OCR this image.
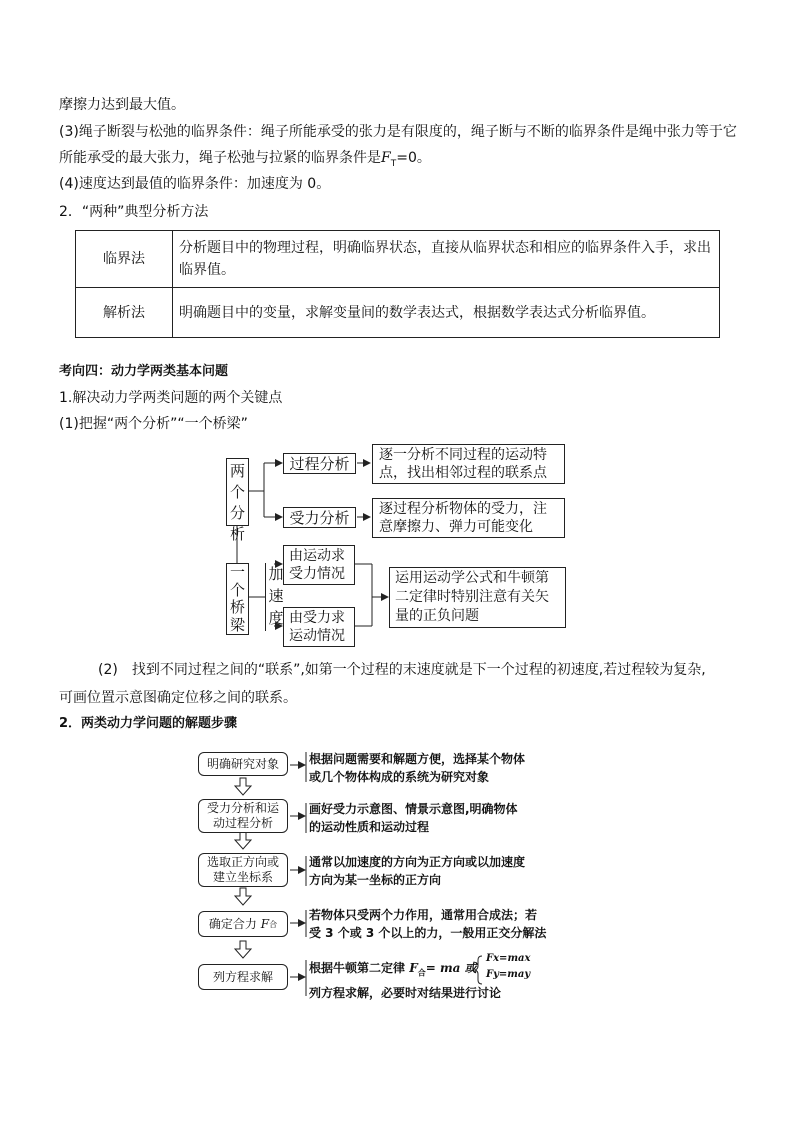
摩擦力达到最大值。
(3)绳子断裂与松弛的临界条件：绳子所能承受的张力是有限度的，绳子断与不断的临界条件是绳中张力等于它
所能承受的最大张力，绳子松弛与拉紧的临界条件是$F_T=0$。
(4)速度达到最值的临界条件：加速度为 0。
2．“两种”典型分析方法
临界法	分析题目中的物理过程，明确临界状态，直接从临界状态和相应的临界条件入手，求出临界值。
解析法	明确题目中的变量，求解变量间的数学表达式，根据数学表达式分析临界值。
考向四：动力学两类基本问题
1.解决动力学两类问题的两个关键点
(1)把握“两个分析”“一个桥梁”
两个分析
过程分析
受力分析
逐一分析不同过程的运动特点，找出相邻过程的联系点
逐过程分析物体的受力，注意摩擦力、弹力可能变化
一个桥梁
加速度
由运动求受力情况
由受力求运动情况
运用运动学公式和牛顿第二定律时特别注意有关矢量的正负问题
(2)　找到不同过程之间的“联系”,如第一个过程的末速度就是下一个过程的初速度,若过程较为复杂,
可画位置示意图确定位移之间的联系。
2．两类动力学问题的解题步骤
明确研究对象
受力分析和运动过程分析
选取正方向或建立坐标系
确定合力
F 合
列方程求解
根据问题需要和解题方便，选择某个物体
或几个物体构成的系统为研究对象
画好受力示意图、情景示意图,明确物体
的运动性质和运动过程
通常以加速度的方向为正方向或以加速度
方向为某一坐标的正方向
若物体只受两个力作用，通常用合成法；若
受 3 个或 3 个以上的力，一般用正交分解法
根据牛顿第二定律 $F_合=$ ma 或
Fx=max
Fy=may
列方程求解，必要时对结果进行讨论
